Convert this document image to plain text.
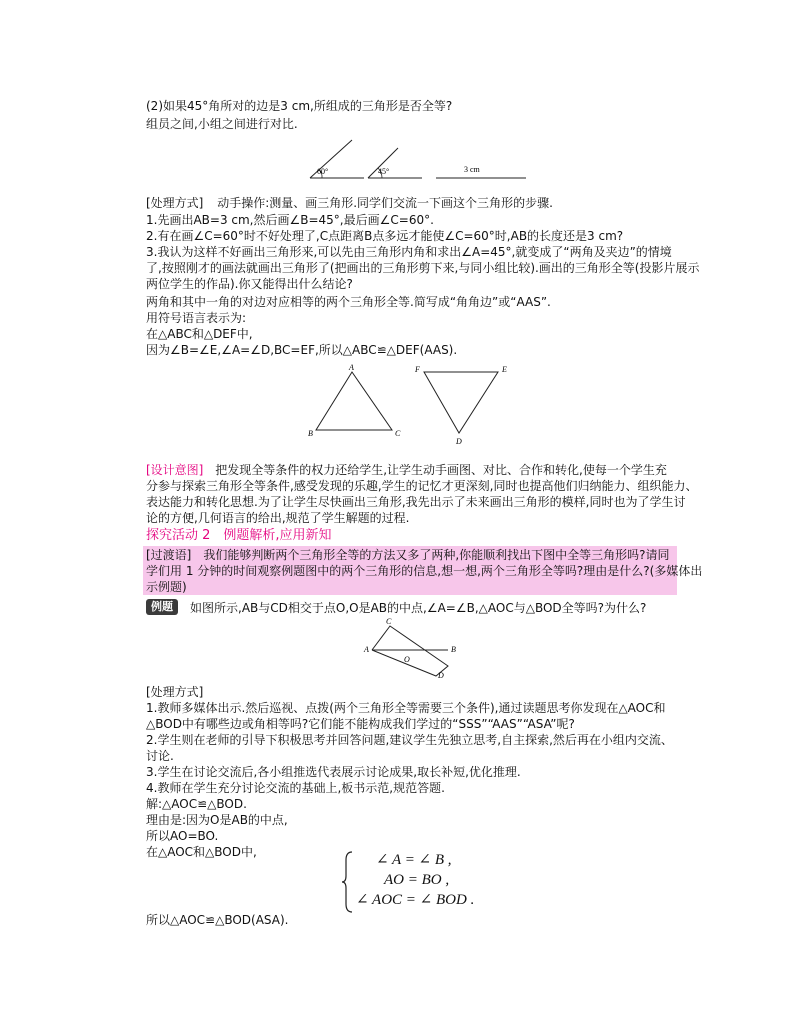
(2)如果45°角所对的边是3 cm,所组成的三角形是否全等?
组员之间,小组之间进行对比.
60°	45°	3 cm
[处理方式] 动手操作:测量、画三角形.同学们交流一下画这个三角形的步骤.
1.先画出AB=3 cm,然后画∠B=45°,最后画∠C=60°.
2.有在画∠C=60°时不好处理了,C点距离B点多远才能使∠C=60°时,AB的长度还是3 cm?
3.我认为这样不好画出三角形来,可以先由三角形内角和求出∠A=45°,就变成了“两角及夹边”的情境
了,按照刚才的画法就画出三角形了(把画出的三角形剪下来,与同小组比较).画出的三角形全等(投影片展示
两位学生的作品).你又能得出什么结论?
两角和其中一角的对边对应相等的两个三角形全等.简写成“角角边”或“AAS”.
用符号语言表示为:
在△ABC和△DEF中,
因为∠B=∠E,∠A=∠D,BC=EF,所以△ABC≌△DEF(AAS).
A
B	C
F	E
D
[设计意图] 把发现全等条件的权力还给学生,让学生动手画图、对比、合作和转化,使每一个学生充
分参与探索三角形全等条件,感受发现的乐趣,学生的记忆才更深刻,同时也提高他们归纳能力、组织能力、
表达能力和转化思想.为了让学生尽快画出三角形,我先出示了未来画出三角形的模样,同时也为了学生讨
论的方便,几何语言的给出,规范了学生解题的过程.
探究活动 2　例题解析,应用新知
[过渡语]　我们能够判断两个三角形全等的方法又多了两种,你能顺利找出下图中全等三角形吗?请同
学们用 1 分钟的时间观察例题图中的两个三角形的信息,想一想,两个三角形全等吗?理由是什么?(多媒体出
示例题)
例题	如图所示,AB与CD相交于点O,O是AB的中点,∠A=∠B,△AOC与△BOD全等吗?为什么?
C
A
O
B
D
[处理方式]
1.教师多媒体出示.然后巡视、点拨(两个三角形全等需要三个条件),通过读题思考你发现在△AOC和
△BOD中有哪些边或角相等吗?它们能不能构成我们学过的“SSS”“AAS”“ASA”呢?
2.学生则在老师的引导下积极思考并回答问题,建议学生先独立思考,自主探索,然后再在小组内交流、
讨论.
3.学生在讨论交流后,各小组推选代表展示讨论成果,取长补短,优化推理.
4.教师在学生充分讨论交流的基础上,板书示范,规范答题.
解:△AOC≌△BOD.
理由是:因为O是AB的中点,
所以AO=BO.
在△AOC和△BOD中,	∠ A = ∠ B ,
AO = BO ,
∠ AOC = ∠ BOD .
所以△AOC≌△BOD(ASA).
